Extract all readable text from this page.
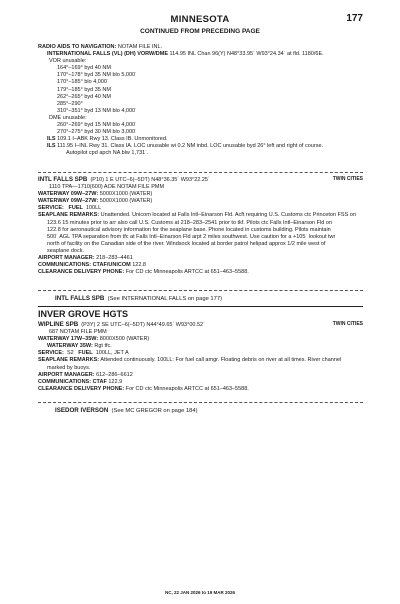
MINNESOTA	177
CONTINUED FROM PRECEDING PAGE
RADIO AIDS TO NAVIGATION: NOTAM FILE INL.
INTERNATIONAL FALLS (VL) (DH) VORW/DME 114.95 INL Chan 96(Y) N48°33.95´ W93°24.34´ at fld. 1180/6E.
VOR unusable:
164°–169° byd 40 NM
170°–178° byd 35 NM blo 5,000´
170°–185° blo 4,000´
179°–185° byd 35 NM
262°–265° byd 40 NM
285°–290°
310°–351° byd 13 NM blo 4,000´
DME unusable:
260°–269° byd 15 NM blo 4,000´
270°–275° byd 30 NM blo 3,000´
ILS 109.1 I–ABK Rwy 13. Class IB. Unmonitored.
ILS 111.95 I–INL Rwy 31. Class IA. LOC unusable wi 0.2 NM inbd. LOC unusable byd 26° left and right of course.
Autopilot cpd apch NA blw 1,731´.
TWIN CITIES
INTL FALLS SPB (P10) 1 E UTC–6(–5DT) N48°36.35´ W93°22.25´
1110 TPA—1710(600) AOE NOTAM FILE PMM
WATERWAY 09W–27W: 5000X1000 (WATER)
WATERWAY 09W–27W: 5000X1000 (WATER)
SERVICE: FUEL 100LL
SEAPLANE REMARKS: Unattended. Unicom located at Falls Intl–Einarson Fld. Acft requiring U.S. Customs ctc Princeton FSS on
123.6 15 minutes prior to arr also call U.S. Customs at 218–283–2541 prior to tkf. Pilots ctc Falls Intl–Einarson Fld on
122.8 for aeronautical advisory information for the seaplane base. Phone located in customs building. Pilots maintain
500´ AGL TPA separation from tfc at Falls Intl–Einarson Fld arpt 2 miles southwest. Use caution for a +105´ lookout twr
north of facility on the Canadian side of the river. Windsock located at border patrol helipad approx 1/2 mile west of
seaplane dock.
AIRPORT MANAGER: 218–283–4461
COMMUNICATIONS: CTAF/UNICOM 122.8
CLEARANCE DELIVERY PHONE: For CD ctc Minneapolis ARTCC at 651–463–5588.
INTL FALLS SPB (See INTERNATIONAL FALLS on page 177)
INVER GROVE HGTS
TWIN CITIES
WIPLINE SPB (P3Y) 2 SE UTC–6(–5DT) N44°49.65´ W93°00.52´
687 NOTAM FILE PMM
WATERWAY 17W–35W: 8000X500 (WATER)
WATERWAY 35W: Rgt tfc.
SERVICE: S2 FUEL 100LL, JET A
SEAPLANE REMARKS: Attended continuously. 100LL: For fuel call amgr. Floating debris on river at all times. River channel
marked by buoys.
AIRPORT MANAGER: 612–286–6612
COMMUNICATIONS: CTAF 122.9
CLEARANCE DELIVERY PHONE: For CD ctc Minneapolis ARTCC at 651–463–5588.
ISEDOR IVERSON (See MC GREGOR on page 184)
NC, 22 JAN 2026 to 19 MAR 2026
